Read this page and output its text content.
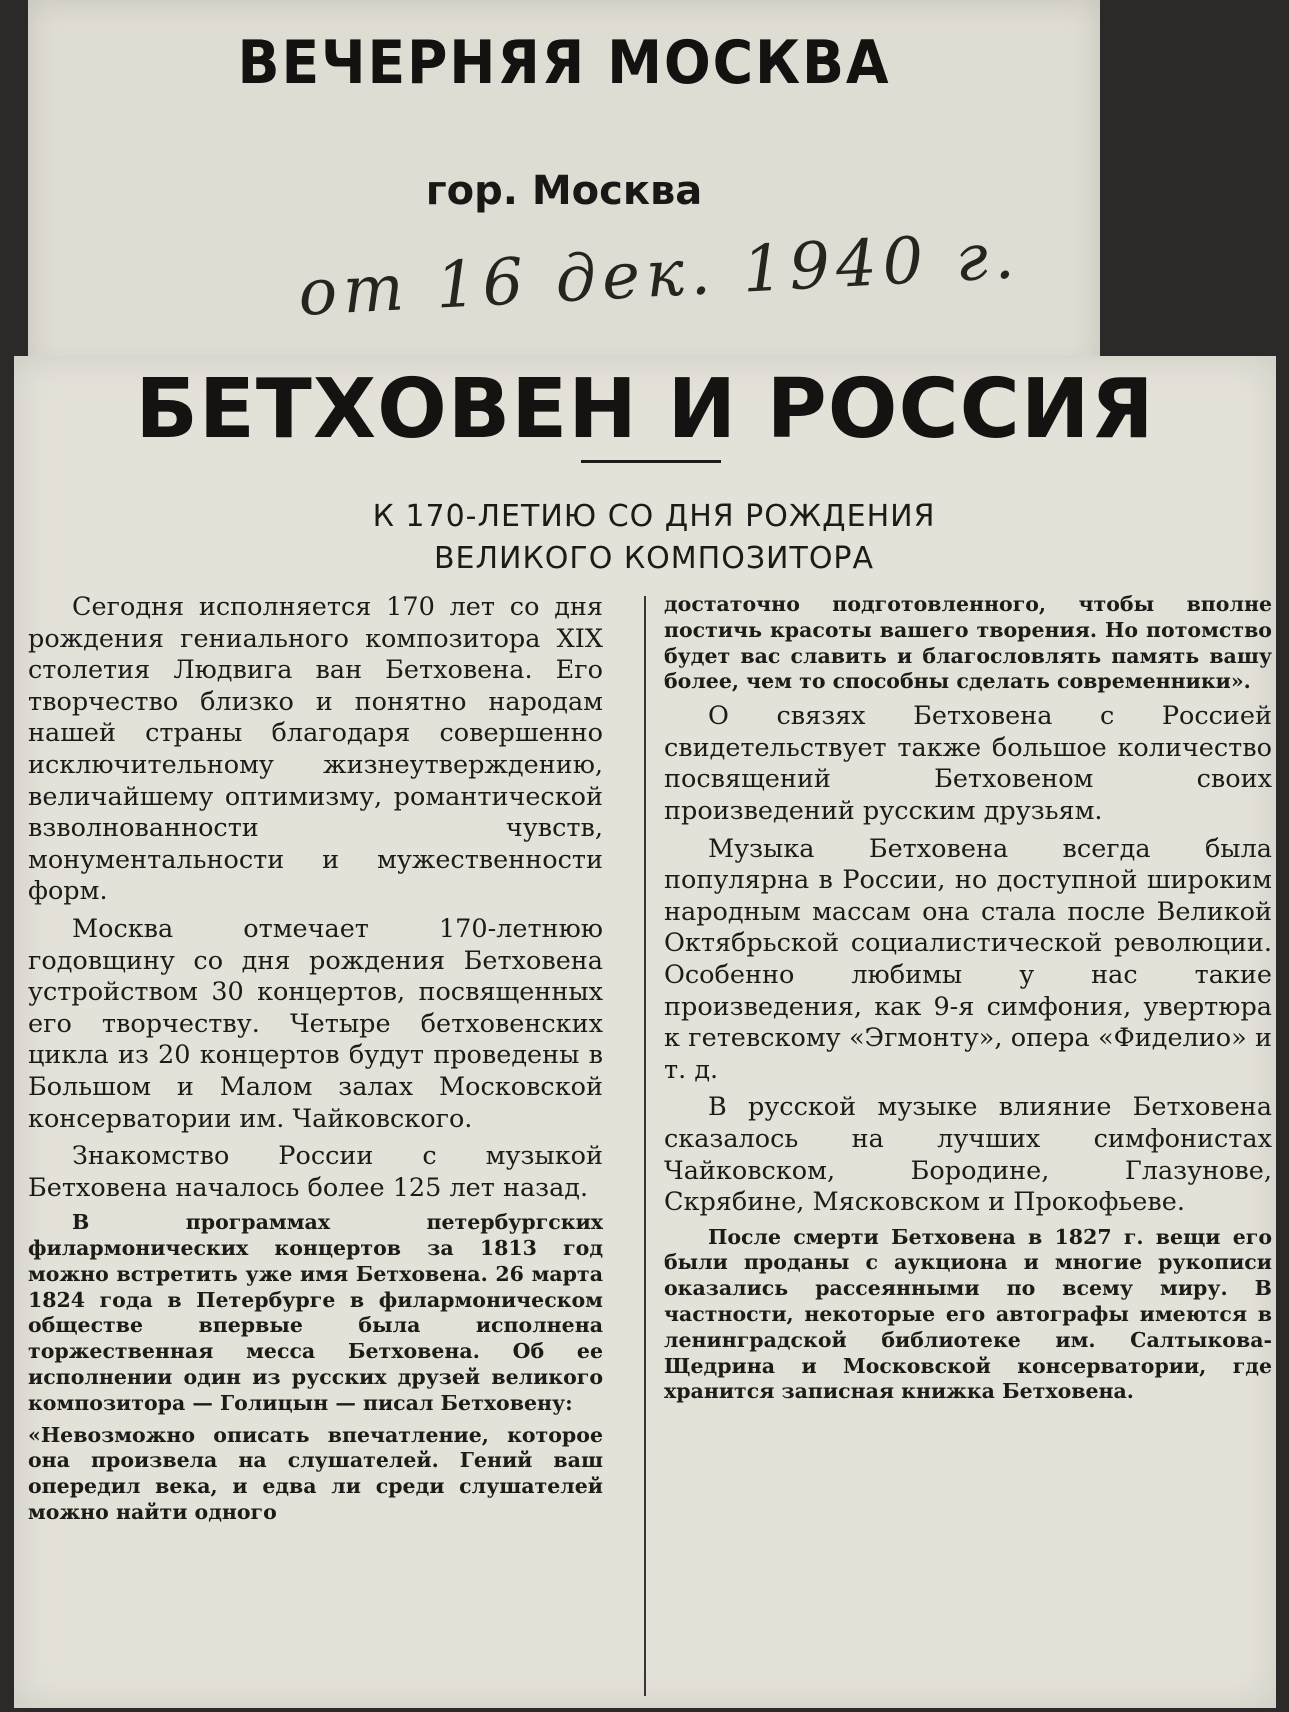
ВЕЧЕРНЯЯ МОСКВА
гор. Москва
от 16 дек. 1940 г.
БЕТХОВЕН И РОССИЯ
К 170-ЛЕТИЮ СО ДНЯ РОЖДЕНИЯ
ВЕЛИКОГО КОМПОЗИТОРА

Сегодня исполняется 170 лет со дня рождения гениального композитора XIX столетия Людвига ван Бетховена. Его творчество близко и понятно народам нашей страны благодаря совершенно исключительному жизнеутверждению, величайшему оптимизму, романтической взволнованности чувств, монументальности и мужественности форм.

Москва отмечает 170-летнюю годовщину со дня рождения Бетховена устройством 30 концертов, посвященных его творчеству. Четыре бетховенских цикла из 20 концертов будут проведены в Большом и Малом залах Московской консерватории им. Чайковского.

Знакомство России с музыкой Бетховена началось более 125 лет назад.

В программах петербургских филармонических концертов за 1813 год можно встретить уже имя Бетховена. 26 марта 1824 года в Петербурге в филармоническом обществе впервые была исполнена торжественная месса Бетховена. Об ее исполнении один из русских друзей великого композитора — Голицын — писал Бетховену:

«Невозможно описать впечатление, которое она произвела на слушателей. Гений ваш опередил века, и едва ли среди слушателей можно найти одного

достаточно подготовленного, чтобы вполне постичь красоты вашего творения. Но потомство будет вас славить и благословлять память вашу более, чем то способны сделать современники».

О связях Бетховена с Россией свидетельствует также большое количество посвящений Бетховеном своих произведений русским друзьям.

Музыка Бетховена всегда была популярна в России, но доступной широким народным массам она стала после Великой Октябрьской социалистической революции. Особенно любимы у нас такие произведения, как 9-я симфония, увертюра к гетевскому «Эгмонту», опера «Фиделио» и т. д.

В русской музыке влияние Бетховена сказалось на лучших симфонистах Чайковском, Бородине, Глазунове, Скрябине, Мясковском и Прокофьеве.

После смерти Бетховена в 1827 г. вещи его были проданы с аукциона и многие рукописи оказались рассеянными по всему миру. В частности, некоторые его автографы имеются в ленинградской библиотеке им. Салтыкова-Щедрина и Московской консерватории, где хранится записная книжка Бетховена.
